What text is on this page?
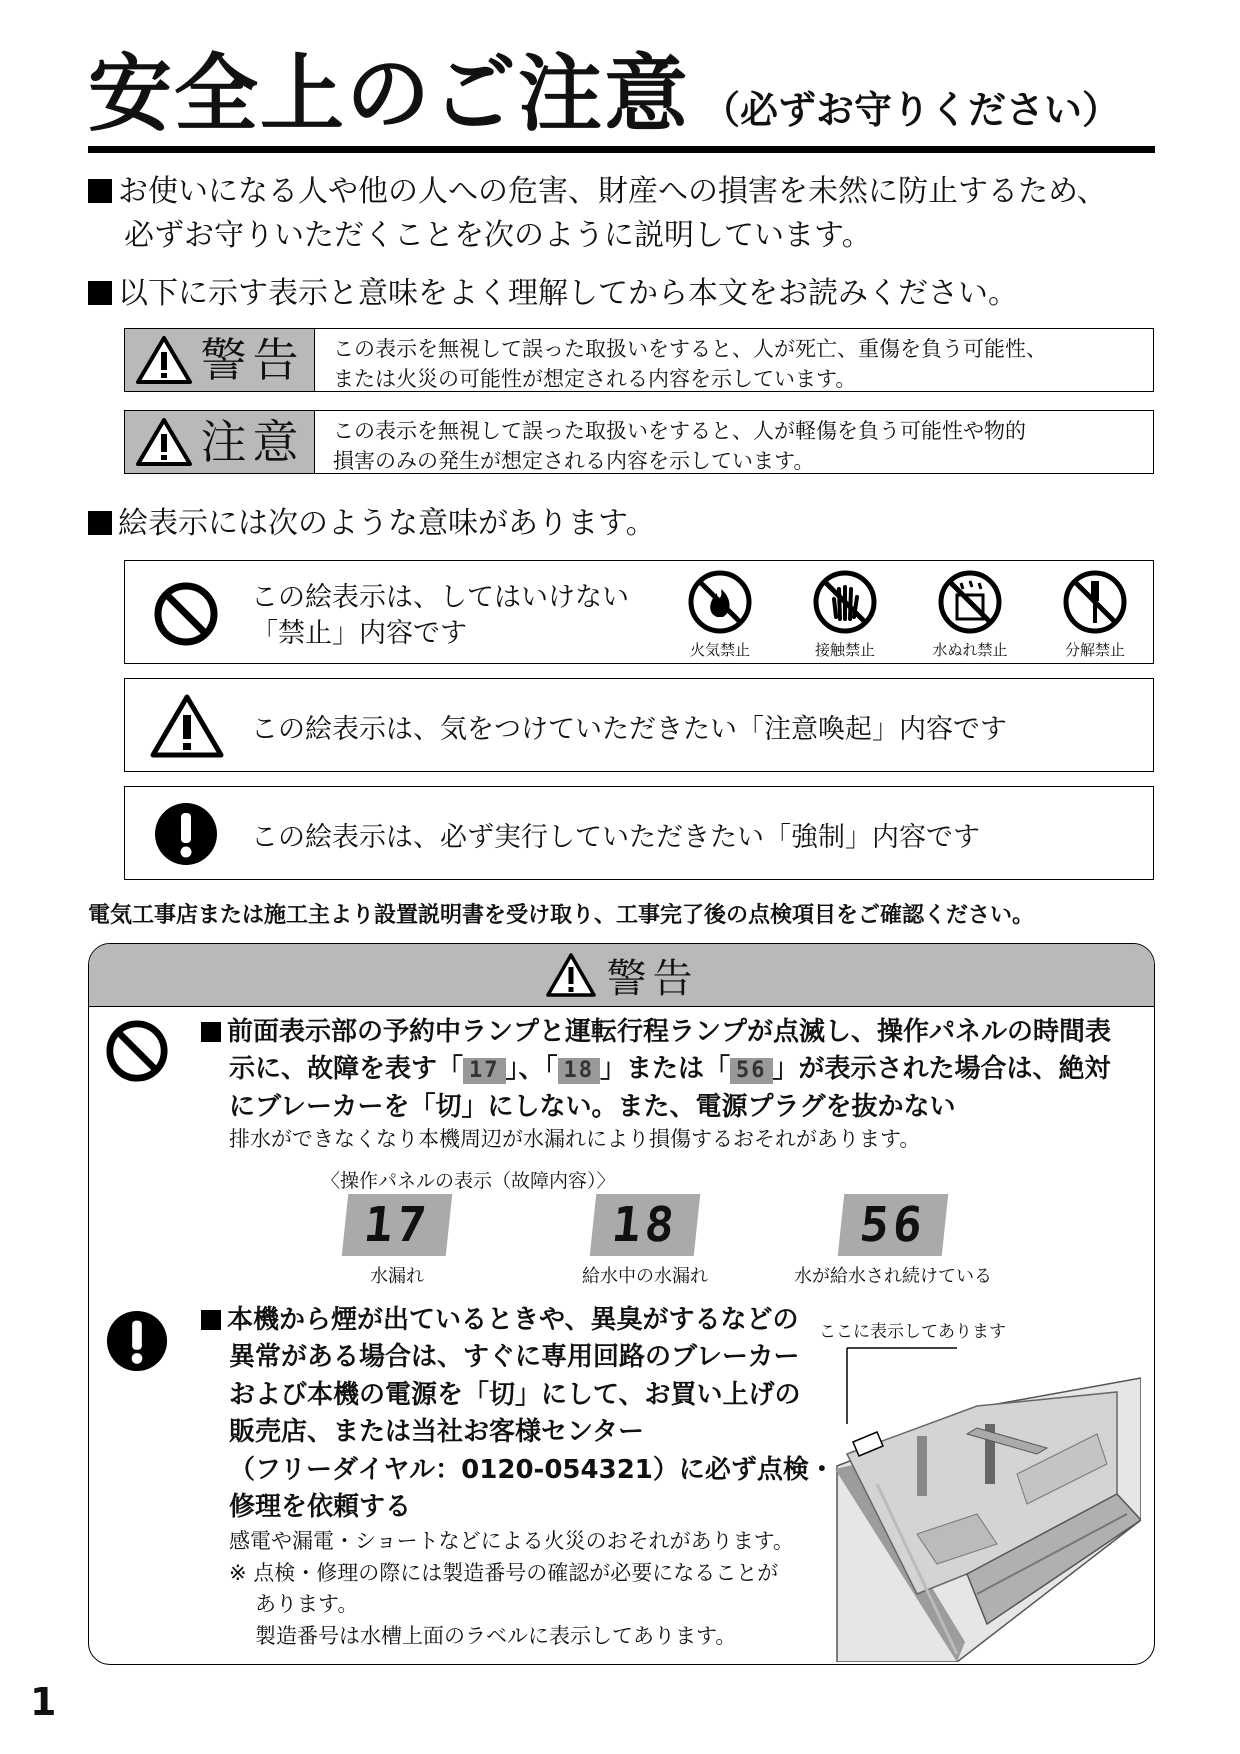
安全上のご注意 （必ずお守りください）
お使いになる人や他の人への危害、財産への損害を未然に防止するため、
必ずお守りいただくことを次のように説明しています。
以下に示す表示と意味をよく理解してから本文をお読みください。
警告 この表示を無視して誤った取扱いをすると、人が死亡、重傷を負う可能性、
または火災の可能性が想定される内容を示しています。
注意 この表示を無視して誤った取扱いをすると、人が軽傷を負う可能性や物的
損害のみの発生が想定される内容を示しています。
絵表示には次のような意味があります。
この絵表示は、してはいけない
「禁止」内容です
火気禁止	接触禁止	水ぬれ禁止	分解禁止
この絵表示は、気をつけていただきたい「注意喚起」内容です
この絵表示は、必ず実行していただきたい「強制」内容です
電気工事店または施工主より設置説明書を受け取り、工事完了後の点検項目をご確認ください。
警告
前面表示部の予約中ランプと運転行程ランプが点滅し、操作パネルの時間表
示に、故障を表す「 17 」、「 18 」または「 56 」が表示された場合は、絶対
にブレーカーを「切」にしない。また、電源プラグを抜かない
排水ができなくなり本機周辺が水漏れにより損傷するおそれがあります。
〈操作パネルの表示（故障内容）〉
17
水漏れ
18
給水中の水漏れ
56
水が給水され続けている
本機から煙が出ているときや、異臭がするなどの
異常がある場合は、すぐに専用回路のブレーカー
および本機の電源を「切」にして、お買い上げの
販売店、または当社お客様センター
（フリーダイヤル：0120-054321）に必ず点検・
修理を依頼する
感電や漏電・ショートなどによる火災のおそれがあります。
※ 点検・修理の際には製造番号の確認が必要になることが
あります。
製造番号は水槽上面のラベルに表示してあります。
ここに表示してあります
1
